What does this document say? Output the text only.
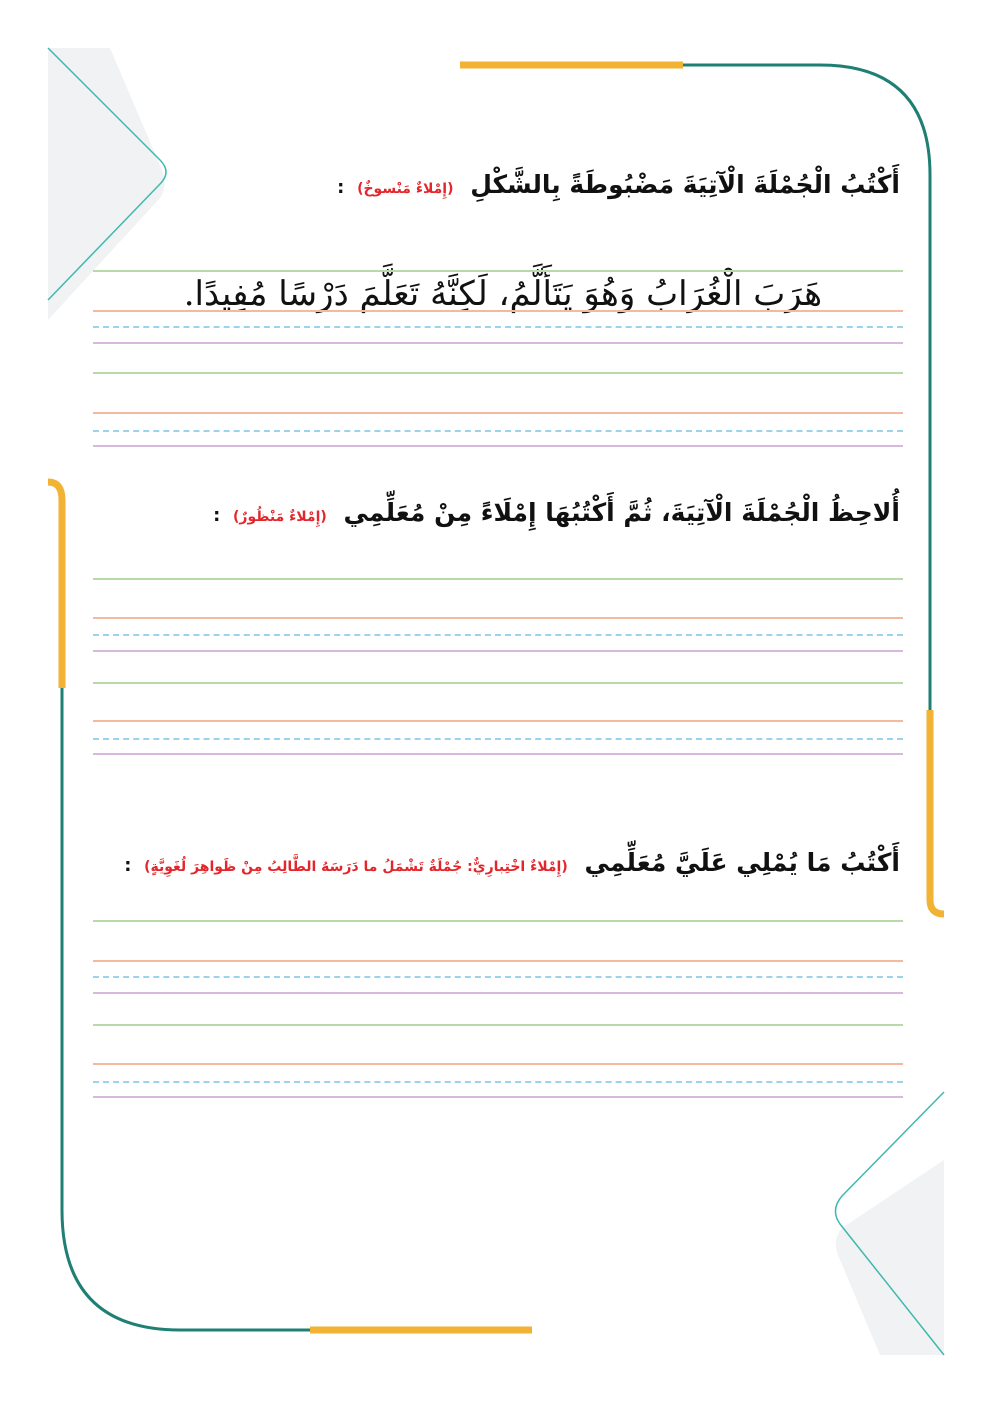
أَكْتُبُ الْجُمْلَةَ الْآتِيَةَ مَضْبُوطَةً بِالشَّكْلِ (إِمْلاءٌ مَنْسوخٌ) :
هَرَبَ الْغُرَابُ وَهُوَ يَتَأَلَّمُ، لَكِنَّهُ تَعَلَّمَ دَرْسًا مُفِيدًا.
أُلاحِظُ الْجُمْلَةَ الْآتِيَةَ، ثُمَّ أَكْتُبُهَا إِمْلَاءً مِنْ مُعَلِّمِي (إِمْلاءٌ مَنْظُورٌ) :
أَكْتُبُ مَا يُمْلِي عَلَيَّ مُعَلِّمِي (إِمْلاءٌ اخْتِبارِيٌّ: جُمْلَةٌ تَشْمَلُ ما دَرَسَهُ الطَّالِبُ مِنْ ظَواهِرَ لُغَوِيَّةٍ) :
